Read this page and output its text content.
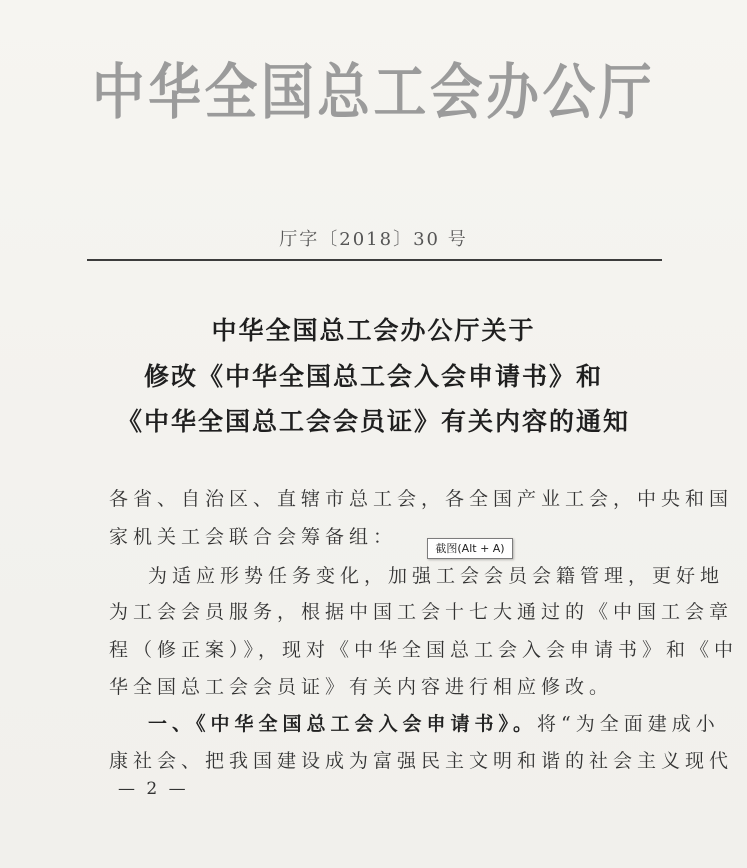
中华全国总工会办公厅
厅字〔2018〕30 号
中华全国总工会办公厅关于
修改《中华全国总工会入会申请书》和
《中华全国总工会会员证》有关内容的通知
各省、自治区、直辖市总工会，各全国产业工会，中央和国
家机关工会联合会筹备组：
为适应形势任务变化，加强工会会员会籍管理，更好地
为工会会员服务，根据中国工会十七大通过的《中国工会章
程（修正案）》，现对《中华全国总工会入会申请书》和《中
华全国总工会会员证》有关内容进行相应修改。
一、《中华全国总工会入会申请书》。将“为全面建成小
康社会、把我国建设成为富强民主文明和谐的社会主义现代
— 2 —
截图(Alt + A)
